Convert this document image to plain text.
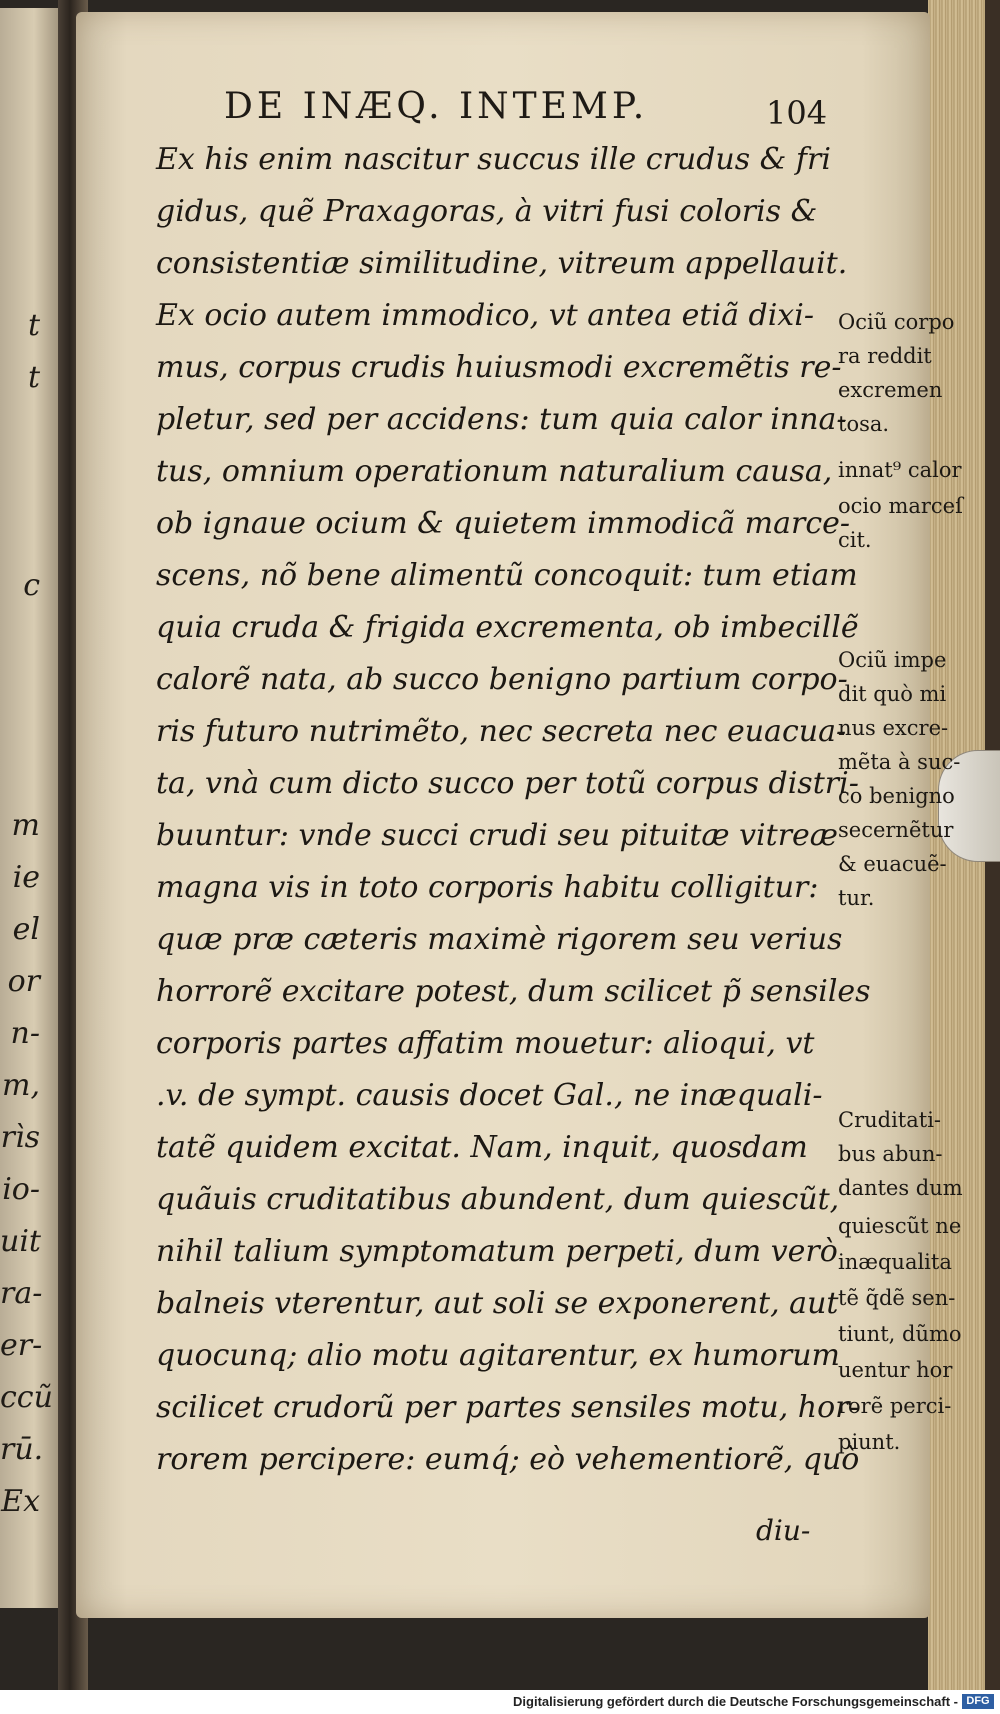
t
t
c
m
ie
el
or
n-
m,
rìs
io-
uit
ra-
er-
ccũ
rū.
Ex
DE INÆQ. INTEMP.	104
Ex his enim nascitur succus ille crudus & fri
gidus, quẽ Praxagoras, à vitri fusi coloris &
consistentiæ similitudine, vitreum appellauit.
Ex ocio autem immodico, vt antea etiã dixi-
mus, corpus crudis huiusmodi excremẽtis re-
pletur, sed per accidens: tum quia calor inna-
tus, omnium operationum naturalium causa,
ob ignaue ocium & quietem immodicã marce-
scens, nõ bene alimentũ concoquit: tum etiam
quia cruda & frigida excrementa, ob imbecillẽ
calorẽ nata, ab succo benigno partium corpo-
ris futuro nutrimẽto, nec secreta nec euacua-
ta, vnà cum dicto succo per totũ corpus distri-
buuntur: vnde succi crudi seu pituitæ vitreæ
magna vis in toto corporis habitu colligitur:
quæ præ cæteris maximè rigorem seu verius
horrorẽ excitare potest, dum scilicet p̃ sensiles
corporis partes affatim mouetur: alioqui, vt
.v. de sympt. causis docet Gal., ne inæquali-
tatẽ quidem excitat. Nam, inquit, quosdam
quãuis cruditatibus abundent, dum quiescũt,
nihil talium symptomatum perpeti, dum verò
balneis vterentur, aut soli se exponerent, aut
quocunq; alio motu agitarentur, ex humorum
scilicet crudorũ per partes sensiles motu, hor-
rorem percipere: eumq́; eò vehementiorẽ, quò
diu-
Ociũ corpo
ra reddit
excremen
tosa.
innat⁹ calor
ocio marceſ
cit.
Ociũ impe
dit quò mi
nus excre-
mẽta à suc-
co benigno
secernẽtur
& euacuẽ-
tur.
Cruditati-
bus abun-
dantes dum
quiescũt ne
inæqualita
tẽ q̃dẽ sen-
tiunt, dũmo
uentur hor
rorẽ perci-
piunt.
Digitalisierung gefördert durch die Deutsche Forschungsgemeinschaft - DFG
